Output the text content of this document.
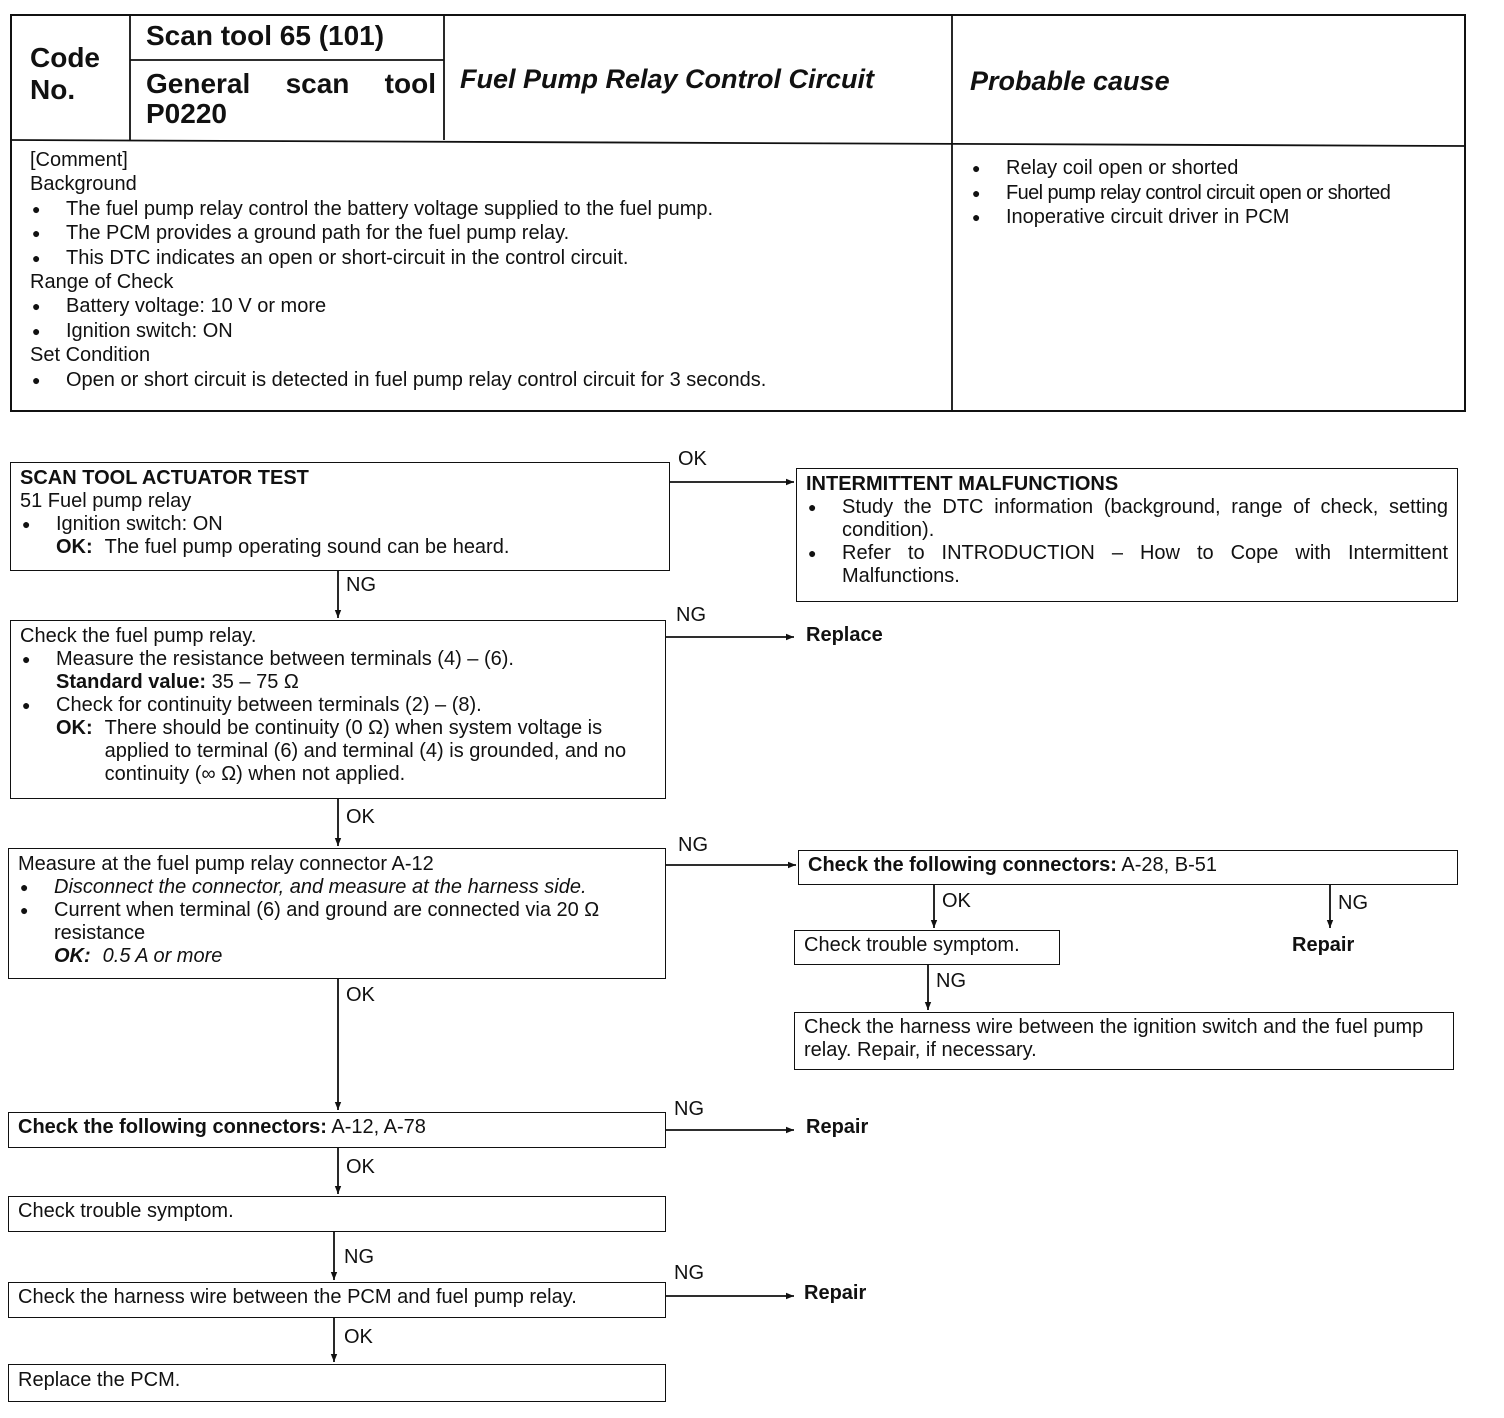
Code No.
Scan tool 65 (101)
General scan tool
P0220
Fuel Pump Relay Control Circuit	Probable cause
[Comment]
Background
● The fuel pump relay control the battery voltage supplied to the fuel pump.
● The PCM provides a ground path for the fuel pump relay.
● This DTC indicates an open or short-circuit in the control circuit.
Range of Check
● Battery voltage: 10 V or more
● Ignition switch: ON
Set Condition
● Open or short circuit is detected in fuel pump relay control circuit for 3 seconds.
● Relay coil open or shorted
● Fuel pump relay control circuit open or shorted
● Inoperative circuit driver in PCM
SCAN TOOL ACTUATOR TEST
51 Fuel pump relay
● Ignition switch: ON
OK: The fuel pump operating sound can be heard.
INTERMITTENT MALFUNCTIONS
● Study the DTC information (background, range of check, setting condition).
● Refer to INTRODUCTION – How to Cope with Intermittent Malfunctions.
Check the fuel pump relay.
● Measure the resistance between terminals (4) – (6).
Standard value: 35 – 75 Ω
● Check for continuity between terminals (2) – (8).
OK: There should be continuity (0 Ω) when system voltage is applied to terminal (6) and terminal (4) is grounded, and no continuity (∞ Ω) when not applied.
Measure at the fuel pump relay connector A-12
● Disconnect the connector, and measure at the harness side.
● Current when terminal (6) and ground are connected via 20 Ω resistance
OK: 0.5 A or more
Check the following connectors: A-28, B-51
Check trouble symptom.
Check the harness wire between the ignition switch and the fuel pump relay. Repair, if necessary.
Check the following connectors: A-12, A-78
Check trouble symptom.
Check the harness wire between the PCM and fuel pump relay.
Replace the PCM.
OK
NG
NG
OK
NG
OK	NG
NG
OK
NG
OK
NG
NG
OK
Replace
Repair
Repair
Repair
